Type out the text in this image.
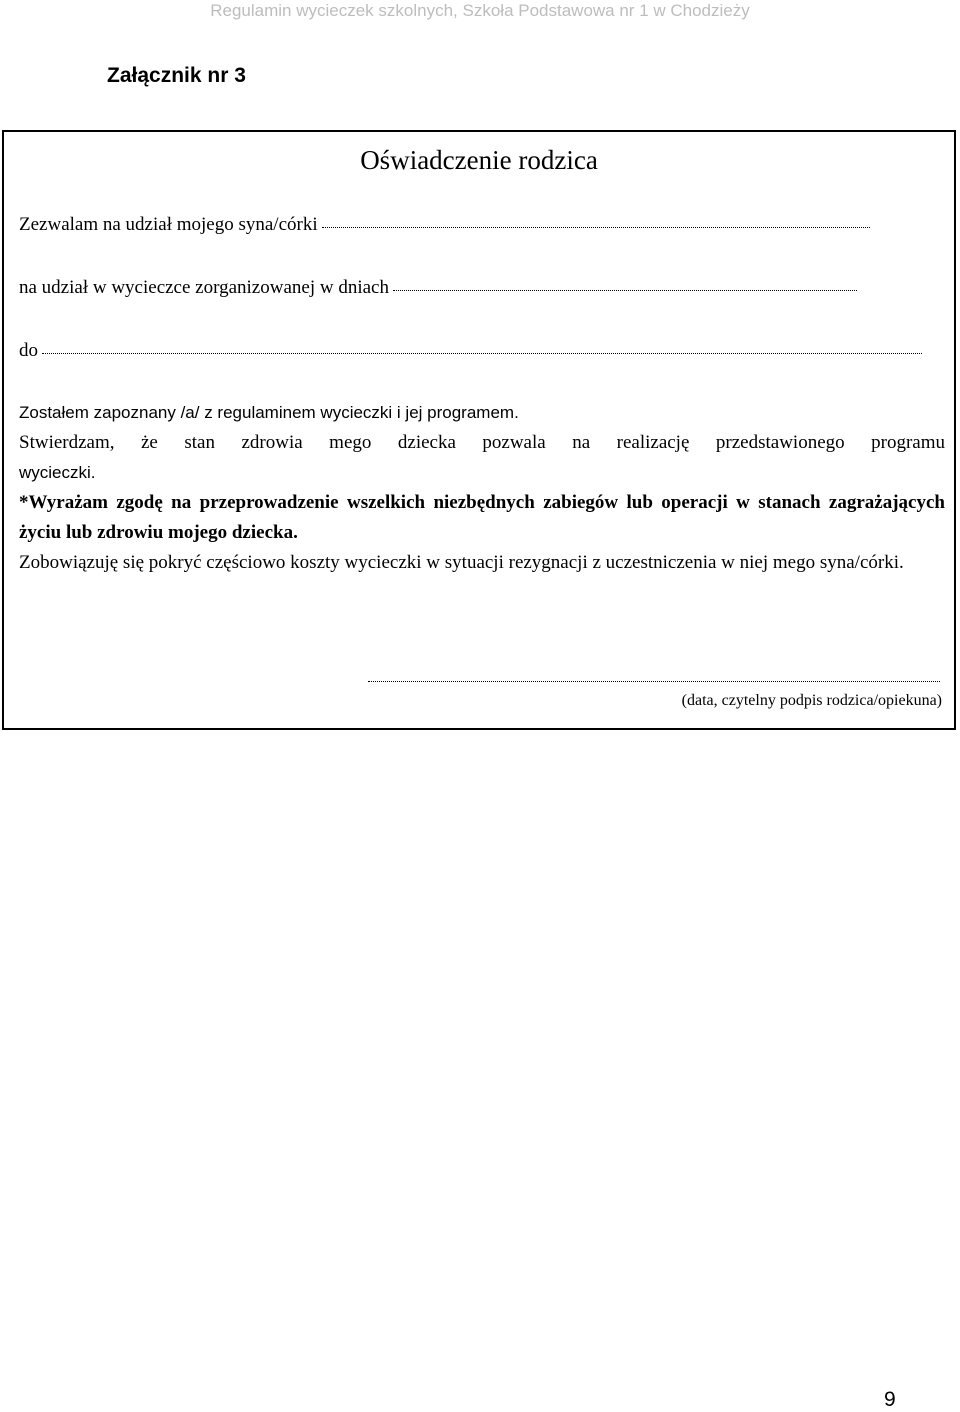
Regulamin wycieczek szkolnych, Szkoła Podstawowa nr 1 w Chodzieży
Załącznik nr 3
Oświadczenie rodzica
Zezwalam na udział mojego syna/córki
na udział w wycieczce zorganizowanej w dniach
do

Zostałem zapoznany /a/ z regulaminem wycieczki i jej programem.

Stwierdzam, że stan zdrowia mego dziecka pozwala na realizację przedstawionego programu

wycieczki.

*Wyrażam zgodę na przeprowadzenie wszelkich niezbędnych zabiegów lub operacji w stanach zagrażających życiu lub zdrowiu mojego dziecka.

Zobowiązuję się pokryć częściowo koszty wycieczki w sytuacji rezygnacji z uczestniczenia w niej mego syna/córki.

(data, czytelny podpis rodzica/opiekuna)
9
